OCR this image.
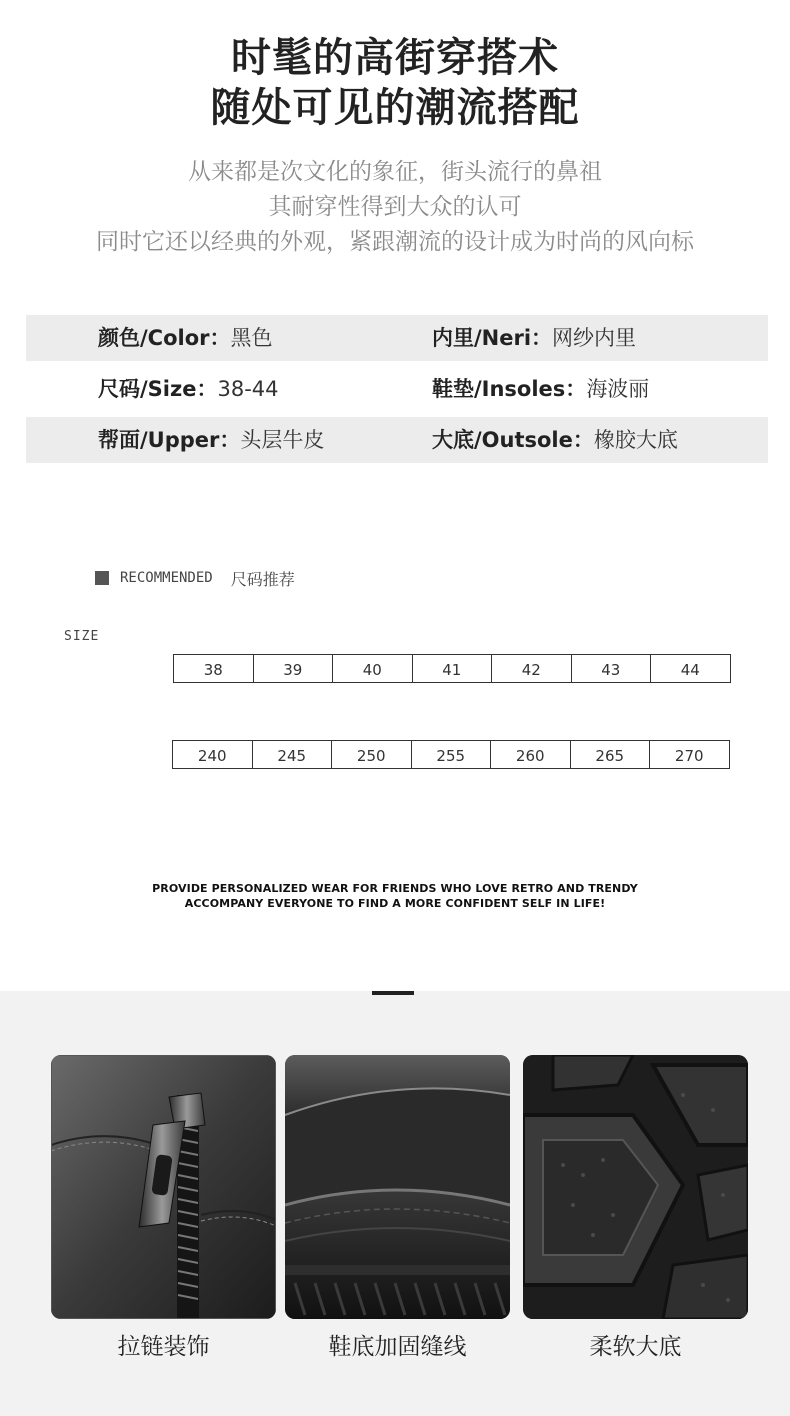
时髦的高街穿搭术
随处可见的潮流搭配
从来都是次文化的象征，街头流行的鼻祖
其耐穿性得到大众的认可
同时它还以经典的外观，紧跟潮流的设计成为时尚的风向标
颜色/Color：黑色	内里/Neri：网纱内里
尺码/Size：38-44	鞋垫/Insoles：海波丽
帮面/Upper：头层牛皮	大底/Outsole：橡胶大底
RECOMMENDED 尺码推荐
SIZE
38	39	40	41	42	43	44
240	245	250	255	260	265	270
PROVIDE PERSONALIZED WEAR FOR FRIENDS WHO LOVE RETRO AND TRENDY
ACCOMPANY EVERYONE TO FIND A MORE CONFIDENT SELF IN LIFE!
拉链装饰	鞋底加固缝线	柔软大底
